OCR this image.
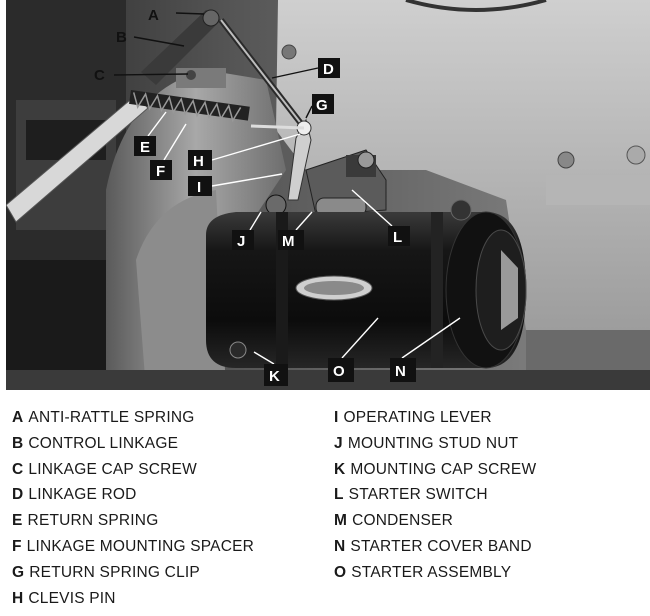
A
B
C	D
G
E
F
H
I
J M	L
K	O	N
A ANTI-RATTLE SPRING
B CONTROL LINKAGE
C LINKAGE CAP SCREW
D LINKAGE ROD
E RETURN SPRING
F LINKAGE MOUNTING SPACER
G RETURN SPRING CLIP
H CLEVIS PIN
I OPERATING LEVER
J MOUNTING STUD NUT
K MOUNTING CAP SCREW
L STARTER SWITCH
M CONDENSER
N STARTER COVER BAND
O STARTER ASSEMBLY
